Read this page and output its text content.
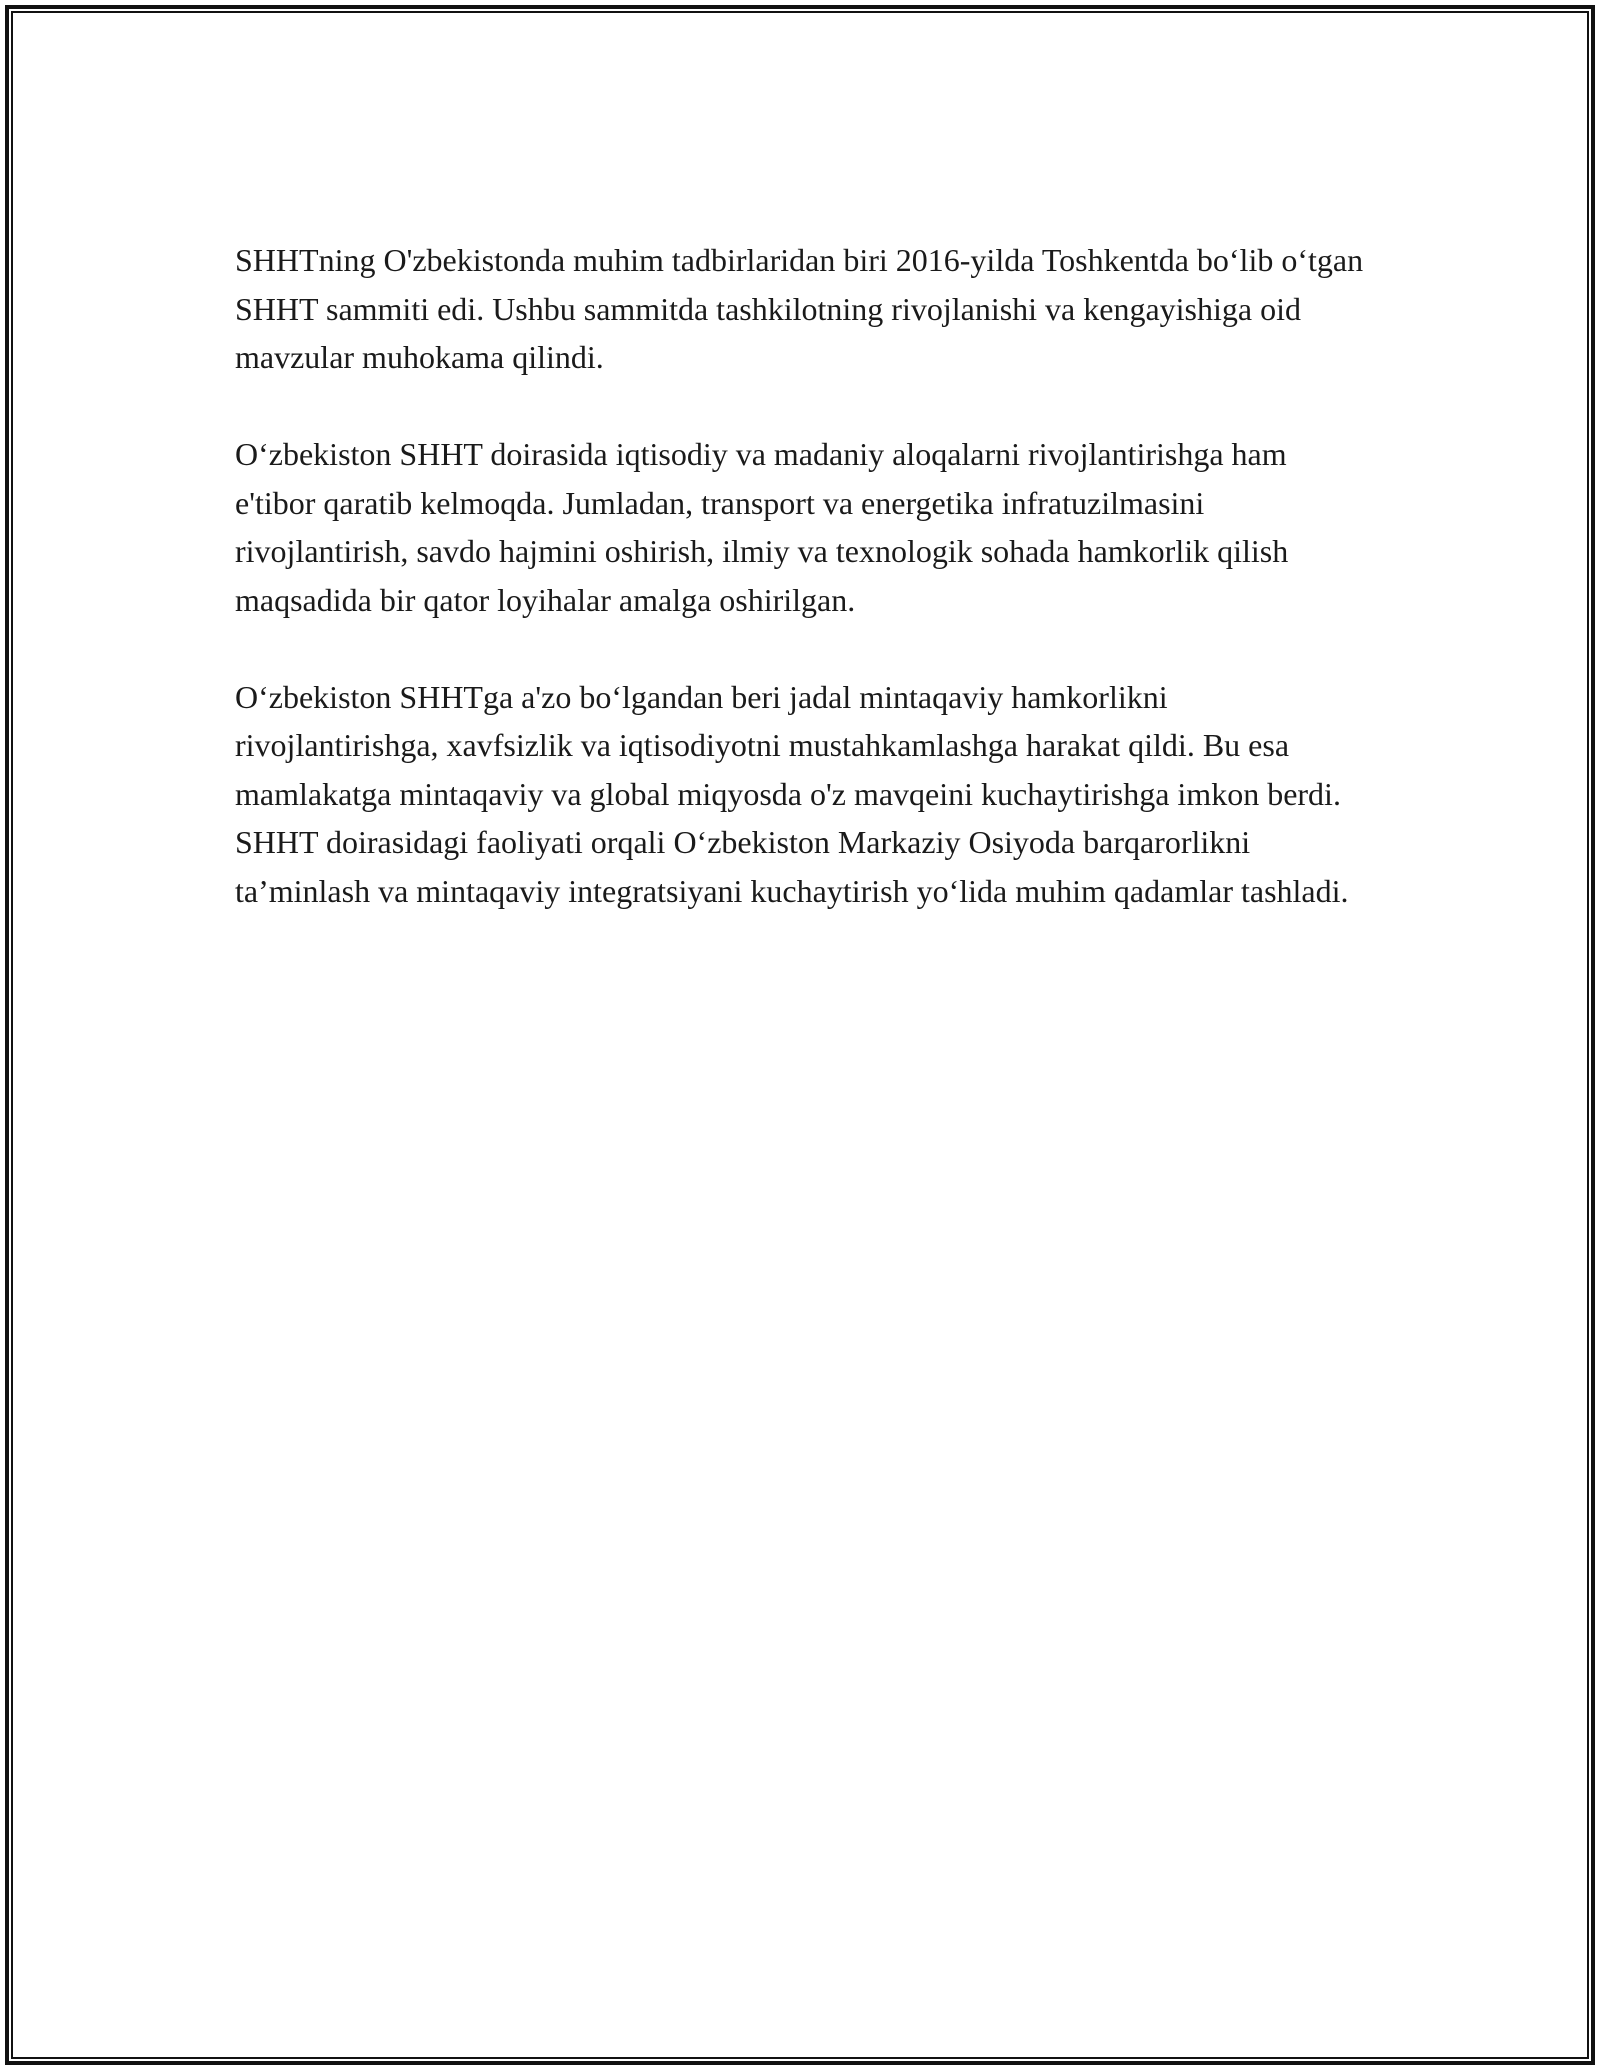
SHHTning O'zbekistonda muhim tadbirlaridan biri 2016-yilda Toshkentda bo‘lib o‘tgan SHHT sammiti edi. Ushbu sammitda tashkilotning rivojlanishi va kengayishiga oid mavzular muhokama qilindi.

O‘zbekiston SHHT doirasida iqtisodiy va madaniy aloqalarni rivojlantirishga ham e'tibor qaratib kelmoqda. Jumladan, transport va energetika infratuzilmasini rivojlantirish, savdo hajmini oshirish, ilmiy va texnologik sohada hamkorlik qilish maqsadida bir qator loyihalar amalga oshirilgan.

O‘zbekiston SHHTga a'zo bo‘lgandan beri jadal mintaqaviy hamkorlikni rivojlantirishga, xavfsizlik va iqtisodiyotni mustahkamlashga harakat qildi. Bu esa mamlakatga mintaqaviy va global miqyosda o'z mavqeini kuchaytirishga imkon berdi. SHHT doirasidagi faoliyati orqali O‘zbekiston Markaziy Osiyoda barqarorlikni ta’minlash va mintaqaviy integratsiyani kuchaytirish yo‘lida muhim qadamlar tashladi.
